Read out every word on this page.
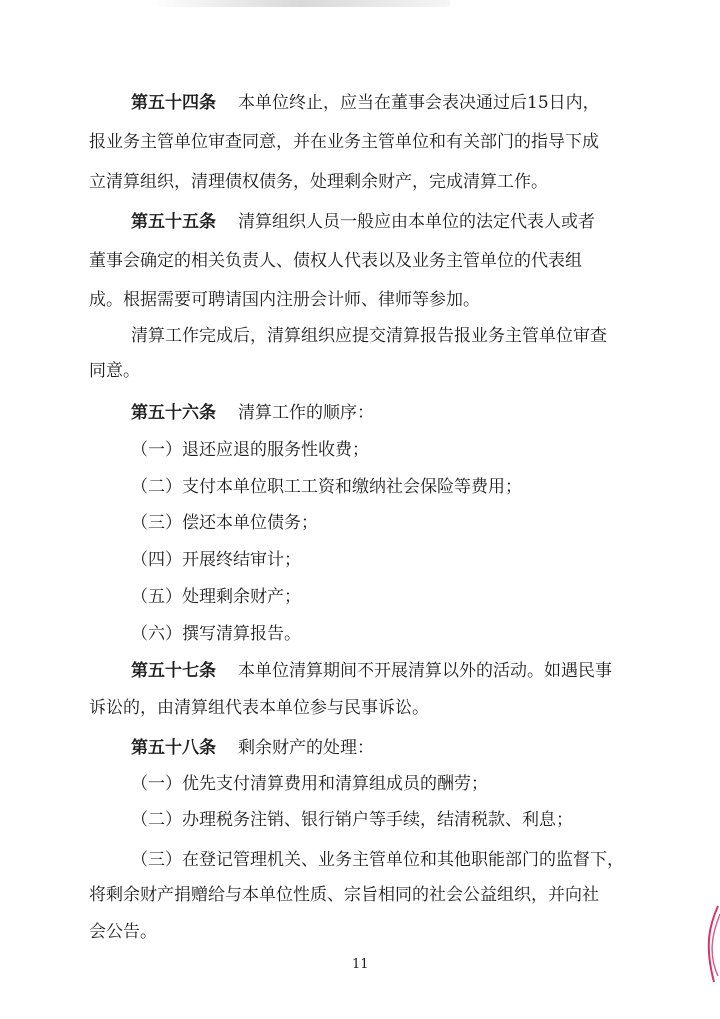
第五十四条 本单位终止，应当在董事会表决通过后15日内，
报业务主管单位审查同意，并在业务主管单位和有关部门的指导下成
立清算组织，清理债权债务，处理剩余财产，完成清算工作。
第五十五条 清算组织人员一般应由本单位的法定代表人或者
董事会确定的相关负责人、债权人代表以及业务主管单位的代表组
成。根据需要可聘请国内注册会计师、律师等参加。
清算工作完成后，清算组织应提交清算报告报业务主管单位审查
同意。
第五十六条 清算工作的顺序：
（一）退还应退的服务性收费；
（二）支付本单位职工工资和缴纳社会保险等费用；
（三）偿还本单位债务；
（四）开展终结审计；
（五）处理剩余财产；
（六）撰写清算报告。
第五十七条 本单位清算期间不开展清算以外的活动。如遇民事
诉讼的，由清算组代表本单位参与民事诉讼。
第五十八条 剩余财产的处理：
（一）优先支付清算费用和清算组成员的酬劳；
（二）办理税务注销、银行销户等手续，结清税款、利息；
（三）在登记管理机关、业务主管单位和其他职能部门的监督下，
将剩余财产捐赠给与本单位性质、宗旨相同的社会公益组织，并向社
会公告。
11
